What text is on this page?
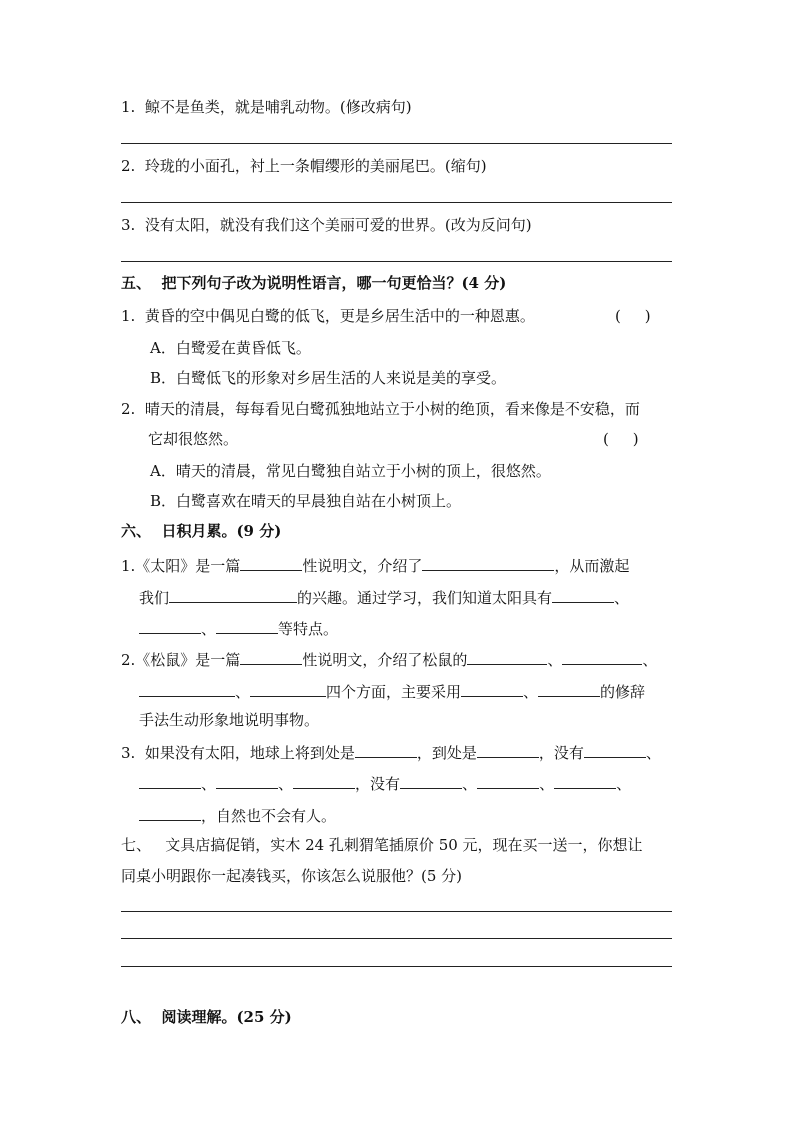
1.  鲸不是鱼类，就是哺乳动物。(修改病句)
2.  玲珑的小面孔，衬上一条帽缨形的美丽尾巴。(缩句)
3.  没有太阳，就没有我们这个美丽可爱的世界。(改为反问句)
五、  把下列句子改为说明性语言，哪一句更恰当？(4 分)
1.  黄昏的空中偶见白鹭的低飞，更是乡居生活中的一种恩惠。	(     )
A．白鹭爱在黄昏低飞。
B．白鹭低飞的形象对乡居生活的人来说是美的享受。
2.  晴天的清晨，每每看见白鹭孤独地站立于小树的绝顶，看来像是不安稳，而
它却很悠然。	(     )
A．晴天的清晨，常见白鹭独自站立于小树的顶上，很悠然。
B．白鹭喜欢在晴天的早晨独自站在小树顶上。
六、  日积月累。(9 分)
1.《太阳》是一篇	性说明文，介绍了	，从而激起
我们	的兴趣。通过学习，我们知道太阳具有	、
、	等特点。
2.《松鼠》是一篇	性说明文，介绍了松鼠的	、	、
、	四个方面，主要采用	、	的修辞
手法生动形象地说明事物。
3.  如果没有太阳，地球上将到处是	，到处是	，没有	、
、	、	，没有	、	、	、
，自然也不会有人。
七、   文具店搞促销，实木 24 孔刺猬笔插原价 50 元，现在买一送一，你想让
同桌小明跟你一起凑钱买，你该怎么说服他？(5 分)
八、  阅读理解。(25 分)
